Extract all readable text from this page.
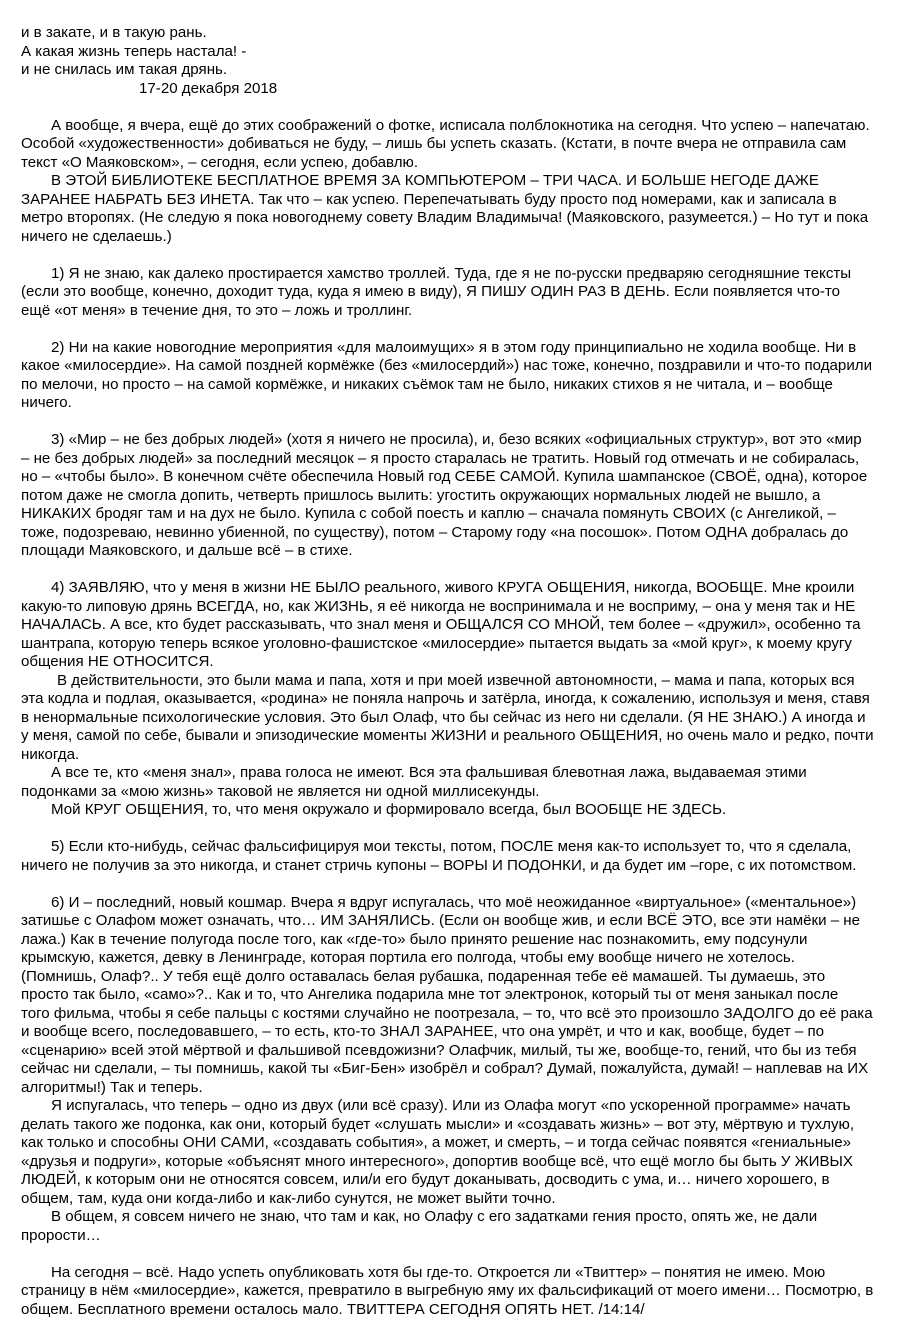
и в закате, и в такую рань.
А какая жизнь теперь настала! -
и не снилась им такая дрянь.
17-20 декабря 2018
А вообще, я вчера, ещё до этих соображений о фотке, исписала полблокнотика на сегодня. Что успею – напечатаю.
Особой «художественности» добиваться не буду, – лишь бы успеть сказать. (Кстати, в почте вчера не отправила сам
текст «О Маяковском», – сегодня, если успею, добавлю.
В ЭТОЙ БИБЛИОТЕКЕ БЕСПЛАТНОЕ ВРЕМЯ ЗА КОМПЬЮТЕРОМ – ТРИ ЧАСА. И БОЛЬШЕ НЕГОДЕ ДАЖЕ
ЗАРАНЕЕ НАБРАТЬ БЕЗ ИНЕТА. Так что – как успею. Перепечатывать буду просто под номерами, как и записала в
метро второпях. (Не следую я пока новогоднему совету Владим Владимыча! (Маяковского, разумеется.) – Но тут и пока
ничего не сделаешь.)
1) Я не знаю, как далеко простирается хамство троллей. Туда, где я не по-русски предваряю сегодняшние тексты
(если это вообще, конечно, доходит туда, куда я имею в виду), Я ПИШУ ОДИН РАЗ В ДЕНЬ. Если появляется что-то
ещё «от меня» в течение дня, то это – ложь и троллинг.
2) Ни на какие новогодние мероприятия «для малоимущих» я в этом году принципиально не ходила вообще. Ни в
какое «милосердие». На самой поздней кормёжке (без «милосердий») нас тоже, конечно, поздравили и что-то подарили
по мелочи, но просто – на самой кормёжке, и никаких съёмок там не было, никаких стихов я не читала, и – вообще
ничего.
3) «Мир – не без добрых людей» (хотя я ничего не просила), и, безо всяких «официальных структур», вот это «мир
– не без добрых людей» за последний месяцок – я просто старалась не тратить. Новый год отмечать и не собиралась,
но – «чтобы было». В конечном счёте обеспечила Новый год СЕБЕ САМОЙ. Купила шампанское (СВОЁ, одна), которое
потом даже не смогла допить, четверть пришлось вылить: угостить окружающих нормальных людей не вышло, а
НИКАКИХ бродяг там и на дух не было. Купила с собой поесть и каплю – сначала помянуть СВОИХ (с Ангеликой, –
тоже, подозреваю, невинно убиенной, по существу), потом – Старому году «на посошок». Потом ОДНА добралась до
площади Маяковского, и дальше всё – в стихе.
4) ЗАЯВЛЯЮ, что у меня в жизни НЕ БЫЛО реального, живого КРУГА ОБЩЕНИЯ, никогда, ВООБЩЕ. Мне кроили
какую-то липовую дрянь ВСЕГДА, но, как ЖИЗНЬ, я её никогда не воспринимала и не восприму, – она у меня так и НЕ
НАЧАЛАСЬ. А все, кто будет рассказывать, что знал меня и ОБЩАЛСЯ СО МНОЙ, тем более – «дружил», особенно та
шантрапа, которую теперь всякое уголовно-фашистское «милосердие» пытается выдать за «мой круг», к моему кругу
общения НЕ ОТНОСИТСЯ.
В действительности, это были мама и папа, хотя и при моей извечной автономности, – мама и папа, которых вся
эта кодла и подлая, оказывается, «родина» не поняла напрочь и затёрла, иногда, к сожалению, используя и меня, ставя
в ненормальные психологические условия. Это был Олаф, что бы сейчас из него ни сделали. (Я НЕ ЗНАЮ.) А иногда и
у меня, самой по себе, бывали и эпизодические моменты ЖИЗНИ и реального ОБЩЕНИЯ, но очень мало и редко, почти
никогда.
А все те, кто «меня знал», права голоса не имеют. Вся эта фальшивая блевотная лажа, выдаваемая этими
подонками за «мою жизнь» таковой не является ни одной миллисекунды.
Мой КРУГ ОБЩЕНИЯ, то, что меня окружало и формировало всегда, был ВООБЩЕ НЕ ЗДЕСЬ.
5) Если кто-нибудь, сейчас фальсифицируя мои тексты, потом, ПОСЛЕ меня как-то использует то, что я сделала,
ничего не получив за это никогда, и станет стричь купоны – ВОРЫ И ПОДОНКИ, и да будет им –горе, с их потомством.
6) И – последний, новый кошмар. Вчера я вдруг испугалась, что моё неожиданное «виртуальное» («ментальное»)
затишье с Олафом может означать, что… ИМ ЗАНЯЛИСЬ. (Если он вообще жив, и если ВСЁ ЭТО, все эти намёки – не
лажа.) Как в течение полугода после того, как «где-то» было принято решение нас познакомить, ему подсунули
крымскую, кажется, девку в Ленинграде, которая портила его полгода, чтобы ему вообще ничего не хотелось.
(Помнишь, Олаф?.. У тебя ещё долго оставалась белая рубашка, подаренная тебе её мамашей. Ты думаешь, это
просто так было, «само»?.. Как и то, что Ангелика подарила мне тот электронок, который ты от меня заныкал после
того фильма, чтобы я себе пальцы с костями случайно не поотрезала, – то, что всё это произошло ЗАДОЛГО до её рака
и вообще всего, последовавшего, – то есть, кто-то ЗНАЛ ЗАРАНЕЕ, что она умрёт, и что и как, вообще, будет – по
«сценарию» всей этой мёртвой и фальшивой псевдожизни? Олафчик, милый, ты же, вообще-то, гений, что бы из тебя
сейчас ни сделали, – ты помнишь, какой ты «Биг-Бен» изобрёл и собрал? Думай, пожалуйста, думай! – наплевав на ИХ
алгоритмы!) Так и теперь.
Я испугалась, что теперь – одно из двух (или всё сразу). Или из Олафа могут «по ускоренной программе» начать
делать такого же подонка, как они, который будет «слушать мысли» и «создавать жизнь» – вот эту, мёртвую и тухлую,
как только и способны ОНИ САМИ, «создавать события», а может, и смерть, – и тогда сейчас появятся «гениальные»
«друзья и подруги», которые «объяснят много интересного», допортив вообще всё, что ещё могло бы быть У ЖИВЫХ
ЛЮДЕЙ, к которым они не относятся совсем, или/и его будут доканывать, досводить с ума, и… ничего хорошего, в
общем, там, куда они когда-либо и как-либо сунутся, не может выйти точно.
В общем, я совсем ничего не знаю, что там и как, но Олафу с его задатками гения просто, опять же, не дали
прорости…
На сегодня – всё. Надо успеть опубликовать хотя бы где-то. Откроется ли «Твиттер» – понятия не имею. Мою
страницу в нём «милосердие», кажется, превратило в выгребную яму их фальсификаций от моего имени… Посмотрю, в
общем. Бесплатного времени осталось мало. ТВИТТЕРА СЕГОДНЯ ОПЯТЬ НЕТ. /14:14/
